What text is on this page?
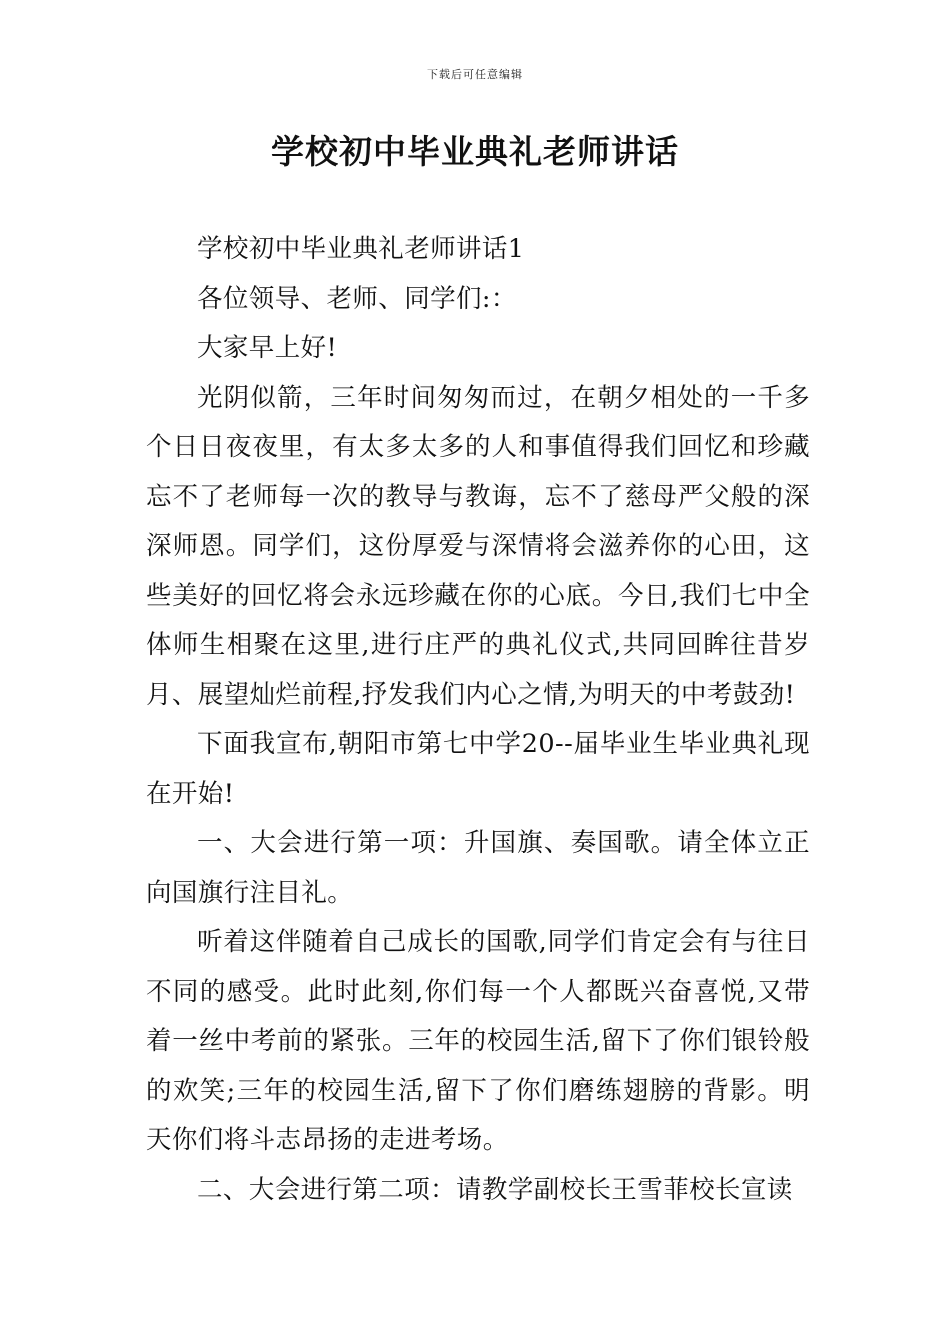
下载后可任意编辑
学校初中毕业典礼老师讲话

学校初中毕业典礼老师讲话1

各位领导、老师、同学们:：

大家早上好!

光阴似箭，三年时间匆匆而过，在朝夕相处的一千多个日日夜夜里，有太多太多的人和事值得我们回忆和珍藏忘不了老师每一次的教导与教诲，忘不了慈母严父般的深深师恩。同学们，这份厚爱与深情将会滋养你的心田，这些美好的回忆将会永远珍藏在你的心底。今日,我们七中全体师生相聚在这里,进行庄严的典礼仪式,共同回眸往昔岁月、展望灿烂前程,抒发我们内心之情,为明天的中考鼓劲!

下面我宣布,朝阳市第七中学20--届毕业生毕业典礼现在开始!

一、大会进行第一项：升国旗、奏国歌。请全体立正向国旗行注目礼。

听着这伴随着自己成长的国歌,同学们肯定会有与往日不同的感受。此时此刻,你们每一个人都既兴奋喜悦,又带着一丝中考前的紧张。三年的校园生活,留下了你们银铃般的欢笑;三年的校园生活,留下了你们磨练翅膀的背影。明天你们将斗志昂扬的走进考场。

二、大会进行第二项：请教学副校长王雪菲校长宣读
